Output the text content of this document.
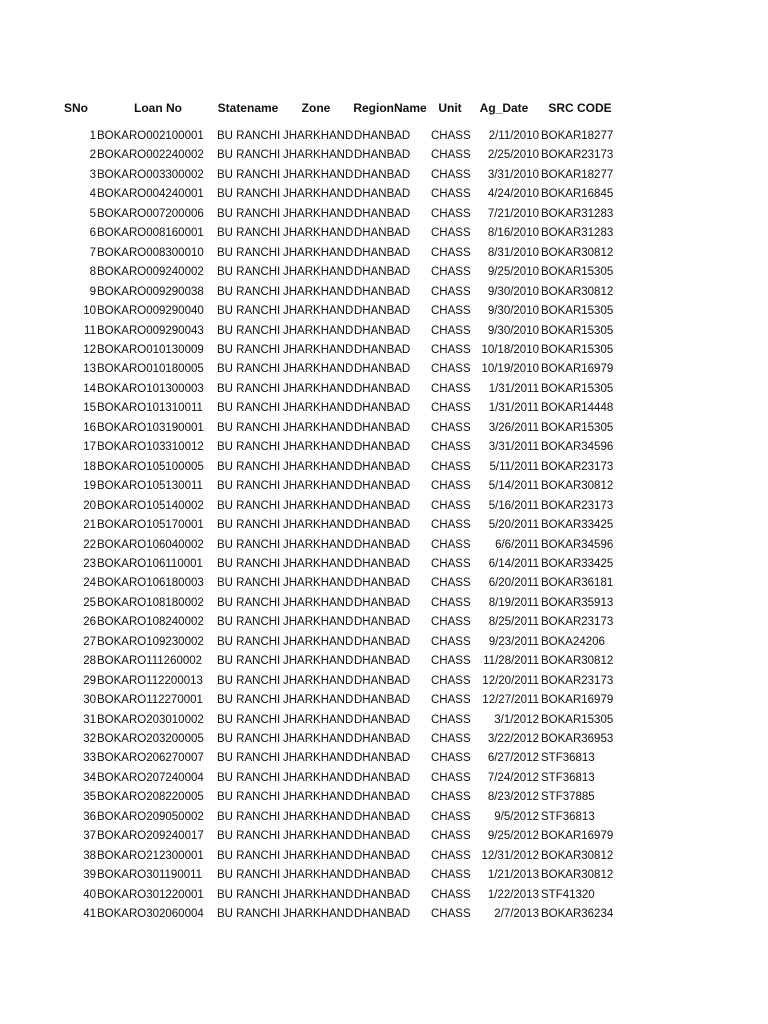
SNo	Loan No	Statename	Zone	RegionName Unit	Ag_Date	SRC CODE
1 BOKARO002100001	BU RANCHI JHARKHAND DHANBAD	CHASS	2/11/2010 BOKAR18277
2 BOKARO002240002	BU RANCHI JHARKHAND DHANBAD	CHASS	2/25/2010 BOKAR23173
3 BOKARO003300002	BU RANCHI JHARKHAND DHANBAD	CHASS	3/31/2010 BOKAR18277
4 BOKARO004240001	BU RANCHI JHARKHAND DHANBAD	CHASS	4/24/2010 BOKAR16845
5 BOKARO007200006	BU RANCHI JHARKHAND DHANBAD	CHASS	7/21/2010 BOKAR31283
6 BOKARO008160001	BU RANCHI JHARKHAND DHANBAD	CHASS	8/16/2010 BOKAR31283
7 BOKARO008300010	BU RANCHI JHARKHAND DHANBAD	CHASS	8/31/2010 BOKAR30812
8 BOKARO009240002	BU RANCHI JHARKHAND DHANBAD	CHASS	9/25/2010 BOKAR15305
9 BOKARO009290038	BU RANCHI JHARKHAND DHANBAD	CHASS	9/30/2010 BOKAR30812
10 BOKARO009290040	BU RANCHI JHARKHAND DHANBAD	CHASS	9/30/2010 BOKAR15305
11 BOKARO009290043	BU RANCHI JHARKHAND DHANBAD	CHASS	9/30/2010 BOKAR15305
12 BOKARO010130009	BU RANCHI JHARKHAND DHANBAD	CHASS 10/18/2010 BOKAR15305
13 BOKARO010180005	BU RANCHI JHARKHAND DHANBAD	CHASS 10/19/2010 BOKAR16979
14 BOKARO101300003	BU RANCHI JHARKHAND DHANBAD	CHASS	1/31/2011 BOKAR15305
15 BOKARO101310011	BU RANCHI JHARKHAND DHANBAD	CHASS	1/31/2011 BOKAR14448
16 BOKARO103190001	BU RANCHI JHARKHAND DHANBAD	CHASS	3/26/2011 BOKAR15305
17 BOKARO103310012	BU RANCHI JHARKHAND DHANBAD	CHASS	3/31/2011 BOKAR34596
18 BOKARO105100005	BU RANCHI JHARKHAND DHANBAD	CHASS	5/11/2011 BOKAR23173
19 BOKARO105130011	BU RANCHI JHARKHAND DHANBAD	CHASS	5/14/2011 BOKAR30812
20 BOKARO105140002	BU RANCHI JHARKHAND DHANBAD	CHASS	5/16/2011 BOKAR23173
21 BOKARO105170001	BU RANCHI JHARKHAND DHANBAD	CHASS	5/20/2011 BOKAR33425
22 BOKARO106040002	BU RANCHI JHARKHAND DHANBAD	CHASS	6/6/2011 BOKAR34596
23 BOKARO106110001	BU RANCHI JHARKHAND DHANBAD	CHASS	6/14/2011 BOKAR33425
24 BOKARO106180003	BU RANCHI JHARKHAND DHANBAD	CHASS	6/20/2011 BOKAR36181
25 BOKARO108180002	BU RANCHI JHARKHAND DHANBAD	CHASS	8/19/2011 BOKAR35913
26 BOKARO108240002	BU RANCHI JHARKHAND DHANBAD	CHASS	8/25/2011 BOKAR23173
27 BOKARO109230002	BU RANCHI JHARKHAND DHANBAD	CHASS	9/23/2011 BOKA24206
28 BOKARO111260002	BU RANCHI JHARKHAND DHANBAD	CHASS	11/28/2011 BOKAR30812
29 BOKARO112200013	BU RANCHI JHARKHAND DHANBAD	CHASS	12/20/2011 BOKAR23173
30 BOKARO112270001	BU RANCHI JHARKHAND DHANBAD	CHASS	12/27/2011 BOKAR16979
31 BOKARO203010002	BU RANCHI JHARKHAND DHANBAD	CHASS	3/1/2012 BOKAR15305
32 BOKARO203200005	BU RANCHI JHARKHAND DHANBAD	CHASS	3/22/2012 BOKAR36953
33 BOKARO206270007	BU RANCHI JHARKHAND DHANBAD	CHASS	6/27/2012 STF36813
34 BOKARO207240004	BU RANCHI JHARKHAND DHANBAD	CHASS	7/24/2012 STF36813
35 BOKARO208220005	BU RANCHI JHARKHAND DHANBAD	CHASS	8/23/2012 STF37885
36 BOKARO209050002	BU RANCHI JHARKHAND DHANBAD	CHASS	9/5/2012 STF36813
37 BOKARO209240017	BU RANCHI JHARKHAND DHANBAD	CHASS	9/25/2012 BOKAR16979
38 BOKARO212300001	BU RANCHI JHARKHAND DHANBAD	CHASS 12/31/2012 BOKAR30812
39 BOKARO301190011	BU RANCHI JHARKHAND DHANBAD	CHASS	1/21/2013 BOKAR30812
40 BOKARO301220001	BU RANCHI JHARKHAND DHANBAD	CHASS	1/22/2013 STF41320
41 BOKARO302060004	BU RANCHI JHARKHAND DHANBAD	CHASS	2/7/2013 BOKAR36234
